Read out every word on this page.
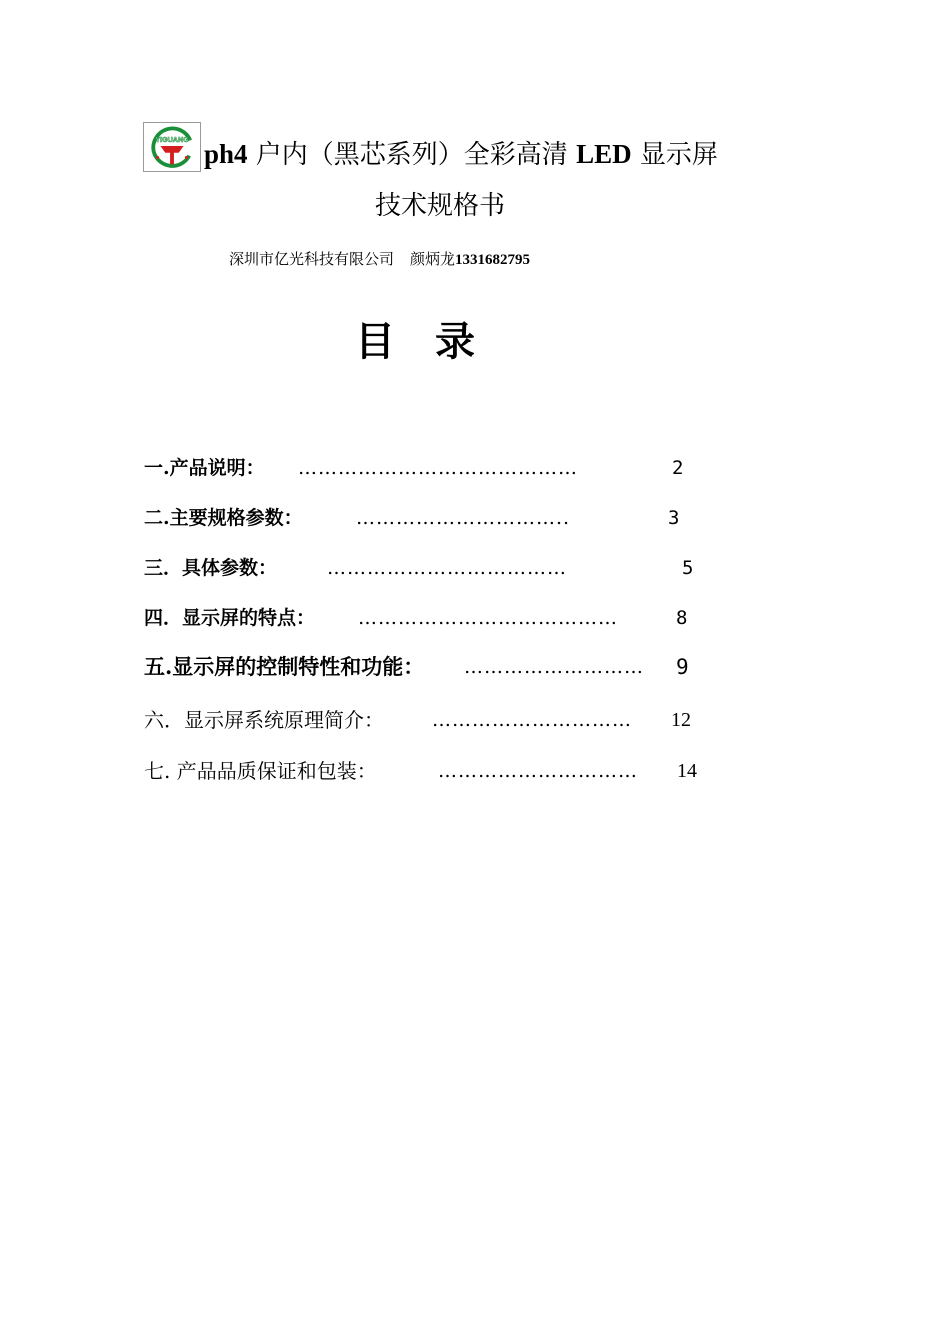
YIGUANG ph4 户内（黑芯系列）全彩高清 LED 显示屏
技术规格书
深圳市亿光科技有限公司 颜炳龙1331682795
目录
一.产品说明： ……………………………………	2
二.主要规格参数：	…………………………..	3
三．具体参数：	………………………………	5
四．显示屏的特点： …………………………………	8
五.显示屏的控制特性和功能： ……………………… 9
六．显示屏系统原理简介：	………………………… 12
七. 产品品质保证和包装：	………………………… 14
